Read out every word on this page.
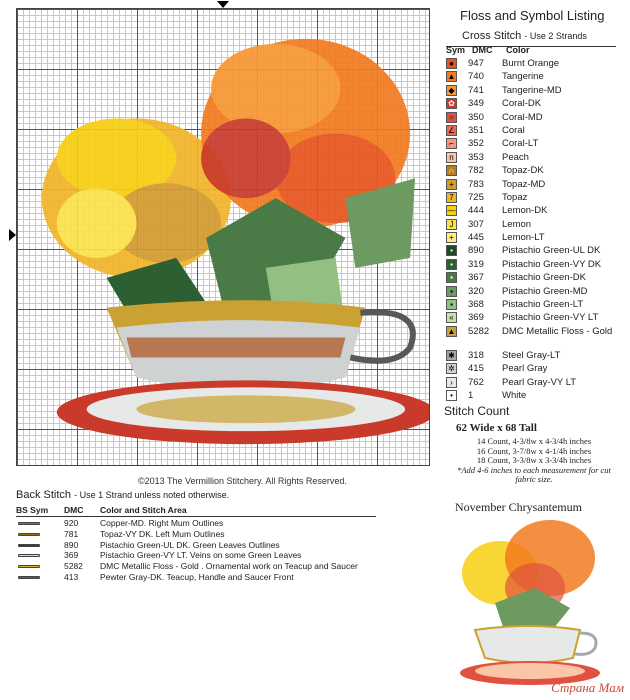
©2013 The Vermillion Stitchery. All Rights Reserved.
Floss and Symbol Listing
Cross Stitch - Use 2 Strands
Sym DMC Color
●	947 Burnt Orange
▲ 740 Tangerine
◆ 741 Tangerine-MD
✿ 349 Coral-DK
○	350 Coral-MD
∠ 351 Coral
⌐	352 Coral-LT
n	353 Peach
∩ 782 Topaz-DK
+	783 Topaz-MD
7	725 Topaz
— 444 Lemon-DK
J	307 Lemon
+	445 Lemon-LT
▪	890 Pistachio Green-UL DK
▪	319 Pistachio Green-VY DK
▪	367 Pistachio Green-DK
▪	320 Pistachio Green-MD
▪	368 Pistachio Green-LT
«	369 Pistachio Green-VY LT
▲ 5282 DMC Metallic Floss - Gold
✱ 318 Steel Gray-LT
✲ 415 Pearl Gray
›	762 Pearl Gray-VY LT
•	1	White
Stitch Count
62 Wide x 68 Tall
14 Count, 4-3/8w x 4-3/4h inches
16 Count, 3-7/8w x 4-1/4h inches
18 Count, 3-3/8w x 3-3/4h inches
*Add 4-6 inches to each measurement for cut fabric size.
Back Stitch - Use 1 Strand unless noted otherwise.
BS Sym DMC Color and Stitch Area
920	Copper-MD. Right Mum Outlines
781	Topaz-VY DK. Left Mum Outlines
890	Pistachio Green-UL DK. Green Leaves Outlines
369	Pistachio Green-VY LT. Veins on some Green Leaves
5282 DMC Metallic Floss - Gold . Ornamental work on Teacup and Saucer
413	Pewter Gray-DK. Teacup, Handle and Saucer Front
November Chrysantemum
Страна Мам
